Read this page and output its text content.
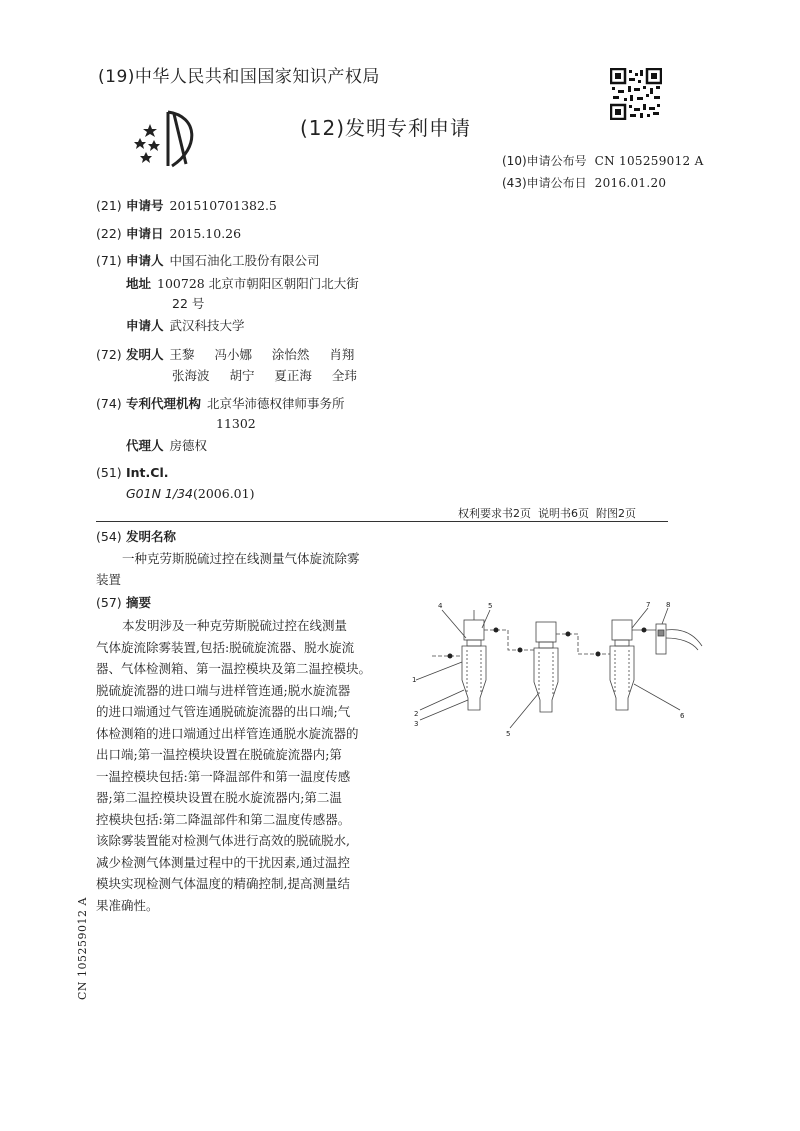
(19)中华人民共和国国家知识产权局
(12)发明专利申请
(10)申请公布号 CN 105259012 A
(43)申请公布日 2016.01.20
(21) 申请号 201510701382.5
(22) 申请日 2015.10.26
(71) 申请人 中国石油化工股份有限公司
地址 100728 北京市朝阳区朝阳门北大街
22 号
申请人 武汉科技大学
(72) 发明人 王黎  冯小娜  涂怡然  肖翔
张海波  胡宁  夏正海  全玮
(74) 专利代理机构 北京华沛德权律师事务所
11302
代理人 房德权
(51) Int.Cl.
G01N 1/34(2006.01)
权利要求书2页  说明书6页  附图2页
(54) 发明名称
一种克劳斯脱硫过控在线测量气体旋流除雾
装置
(57) 摘要
本发明涉及一种克劳斯脱硫过控在线测量
气体旋流除雾装置,包括:脱硫旋流器、脱水旋流
器、气体检测箱、第一温控模块及第二温控模块。
脱硫旋流器的进口端与进样管连通;脱水旋流器
的进口端通过气管连通脱硫旋流器的出口端;气
体检测箱的进口端通过出样管连通脱水旋流器的
出口端;第一温控模块设置在脱硫旋流器内;第
一温控模块包括:第一降温部件和第一温度传感
器;第二温控模块设置在脱水旋流器内;第二温
控模块包括:第二降温部件和第二温度传感器。
该除雾装置能对检测气体进行高效的脱硫脱水,
减少检测气体测量过程中的干扰因素,通过温控
模块实现检测气体温度的精确控制,提高测量结
果准确性。
4	5	7 8
1
2
3
5
6
CN 105259012 A
